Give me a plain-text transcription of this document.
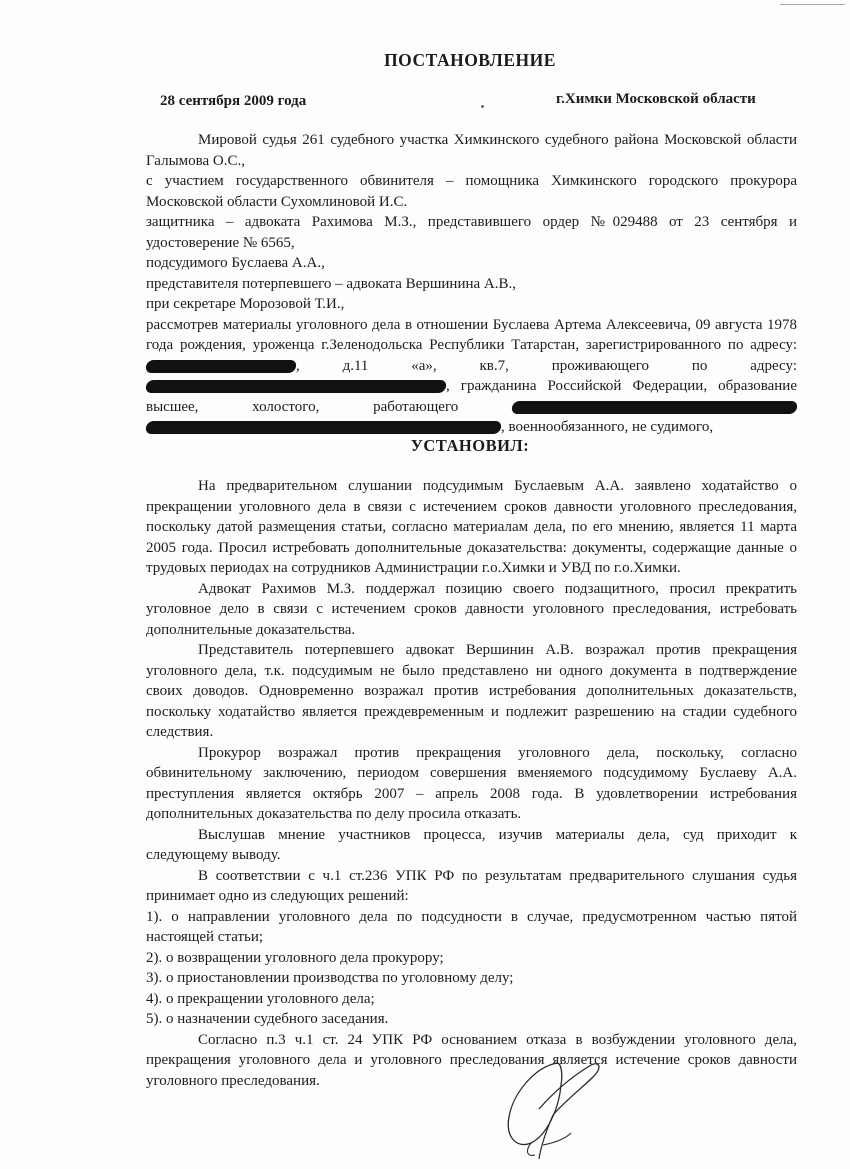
ПОСТАНОВЛЕНИЕ
28 сентября 2009 года	г.Химки Московской области

Мировой судья 261 судебного участка Химкинского судебного района Московской области Галымова О.С.,

с участием государственного обвинителя – помощника Химкинского городского прокурора Московской области Сухомлиновой И.С.

защитника – адвоката Рахимова М.З., представившего ордер №029488 от 23 сентября и удостоверение № 6565,

подсудимого Буслаева А.А.,

представителя потерпевшего – адвоката Вершинина А.В.,

при секретаре Морозовой Т.И.,

рассмотрев материалы уголовного дела в отношении Буслаева Артема Алексеевича, 09 августа 1978 года рождения, уроженца г.Зеленодольска Республики Татарстан, зарегистрированного по адресу: , д.11 «а», кв.7, проживающего по адресу: , гражданина Российской Федерации, образование высшее, холостого, работающего  , военнообязанного, не судимого,

УСТАНОВИЛ:

На предварительном слушании подсудимым Буслаевым А.А. заявлено ходатайство о прекращении уголовного дела в связи с истечением сроков давности уголовного преследования, поскольку датой размещения статьи, согласно материалам дела, по его мнению, является 11 марта 2005 года. Просил истребовать дополнительные доказательства: документы, содержащие данные о трудовых периодах на сотрудников Администрации г.о.Химки и УВД по г.о.Химки.

Адвокат Рахимов М.З. поддержал позицию своего подзащитного, просил прекратить уголовное дело в связи с истечением сроков давности уголовного преследования, истребовать дополнительные доказательства.

Представитель потерпевшего адвокат Вершинин А.В. возражал против прекращения уголовного дела, т.к. подсудимым не было представлено ни одного документа в подтверждение своих доводов. Одновременно возражал против истребования дополнительных доказательств, поскольку ходатайство является преждевременным и подлежит разрешению на стадии судебного следствия.

Прокурор возражал против прекращения уголовного дела, поскольку, согласно обвинительному заключению, периодом совершения вменяемого подсудимому Буслаеву А.А. преступления является октябрь 2007 – апрель 2008 года. В удовлетворении истребования дополнительных доказательства по делу просила отказать.

Выслушав мнение участников процесса, изучив материалы дела, суд приходит к следующему выводу.

В соответствии с ч.1 ст.236 УПК РФ по результатам предварительного слушания судья принимает одно из следующих решений:

1). о направлении уголовного дела по подсудности в случае, предусмотренном частью пятой настоящей статьи;
2). о возвращении уголовного дела прокурору;
3). о приостановлении производства по уголовному делу;
4). о прекращении уголовного дела;
5). о назначении судебного заседания.

Согласно п.3 ч.1 ст. 24 УПК РФ основанием отказа в возбуждении уголовного дела, прекращения уголовного дела и уголовного преследования является истечение сроков давности уголовного преследования.
